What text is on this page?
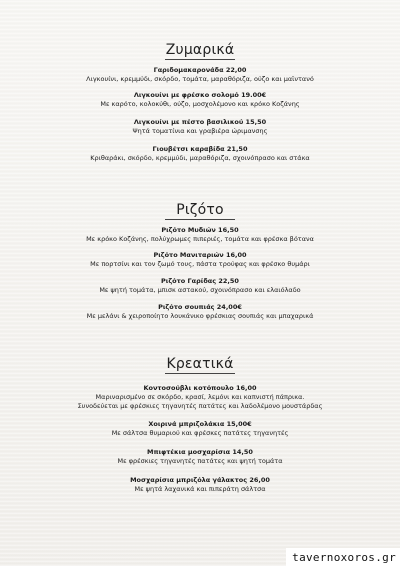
Ζυμαρικά
Γαριδομακαρονάδα 22,00
Λιγκουίνι, κρεμμύδι, σκόρδο, τομάτα, μαραθόριζα, ούζο και μαϊντανό
Λιγκουίνι με φρέσκο σολομό 19.00€
Με καρότο, κολοκύθι, ούζο, μοσχολέμονο και κρόκο Κοζάνης
Λιγκουίνι με πέστο βασιλικού 15,50
Ψητά τοματίνια και γραβιέρα ώριμανσης
Γιουβέτσι καραβίδα 21,50
Κριθαράκι, σκόρδο, κρεμμύδι, μαραθόριζα, σχοινόπρασο και στάκα
Ριζότο
Ριζότο Μυδιών 16,50
Με κρόκο Κοζάνης, πολύχρωμες πιπεριές, τομάτα και φρέσκα βότανα
Ριζότο Μανιταριών 16,00
Με πορτσίνι και τον ζωμό τους, πάστα τρούφας και φρέσκο θυμάρι
Ριζότο Γαρίδας 22,50
Με ψητή τομάτα, μπισκ αστακού, σχοινόπρασο και ελαιόλαδο
Ριζότο σουπιάς 24,00€
Με μελάνι & χειροποίητο λουκάνικο φρέσκιας σουπιάς και μπαχαρικά
Κρεατικά
Κοντοσούβλι κοτόπουλο 16,00
Μαριναρισμένο σε σκόρδο, κρασί, λεμόνι και καπνιστή πάπρικα.
Συνοδεύεται με φρέσκιες τηγανητές πατάτες και λαδολέμονο μουστάρδας
Χοιρινά μπριζολάκια 15,00€
Με σάλτσα θυμαριού και φρέσκες πατάτες τηγανητές
Μπιφτέκια μοσχαρίσια 14,50
Με φρέσκιες τηγανητές πατάτες και ψητή τομάτα
Μοσχαρίσια μπριζόλα γάλακτος 26,00
Με ψητά λαχανικά και πιπεράτη σάλτσα
tavernoxoros.gr
